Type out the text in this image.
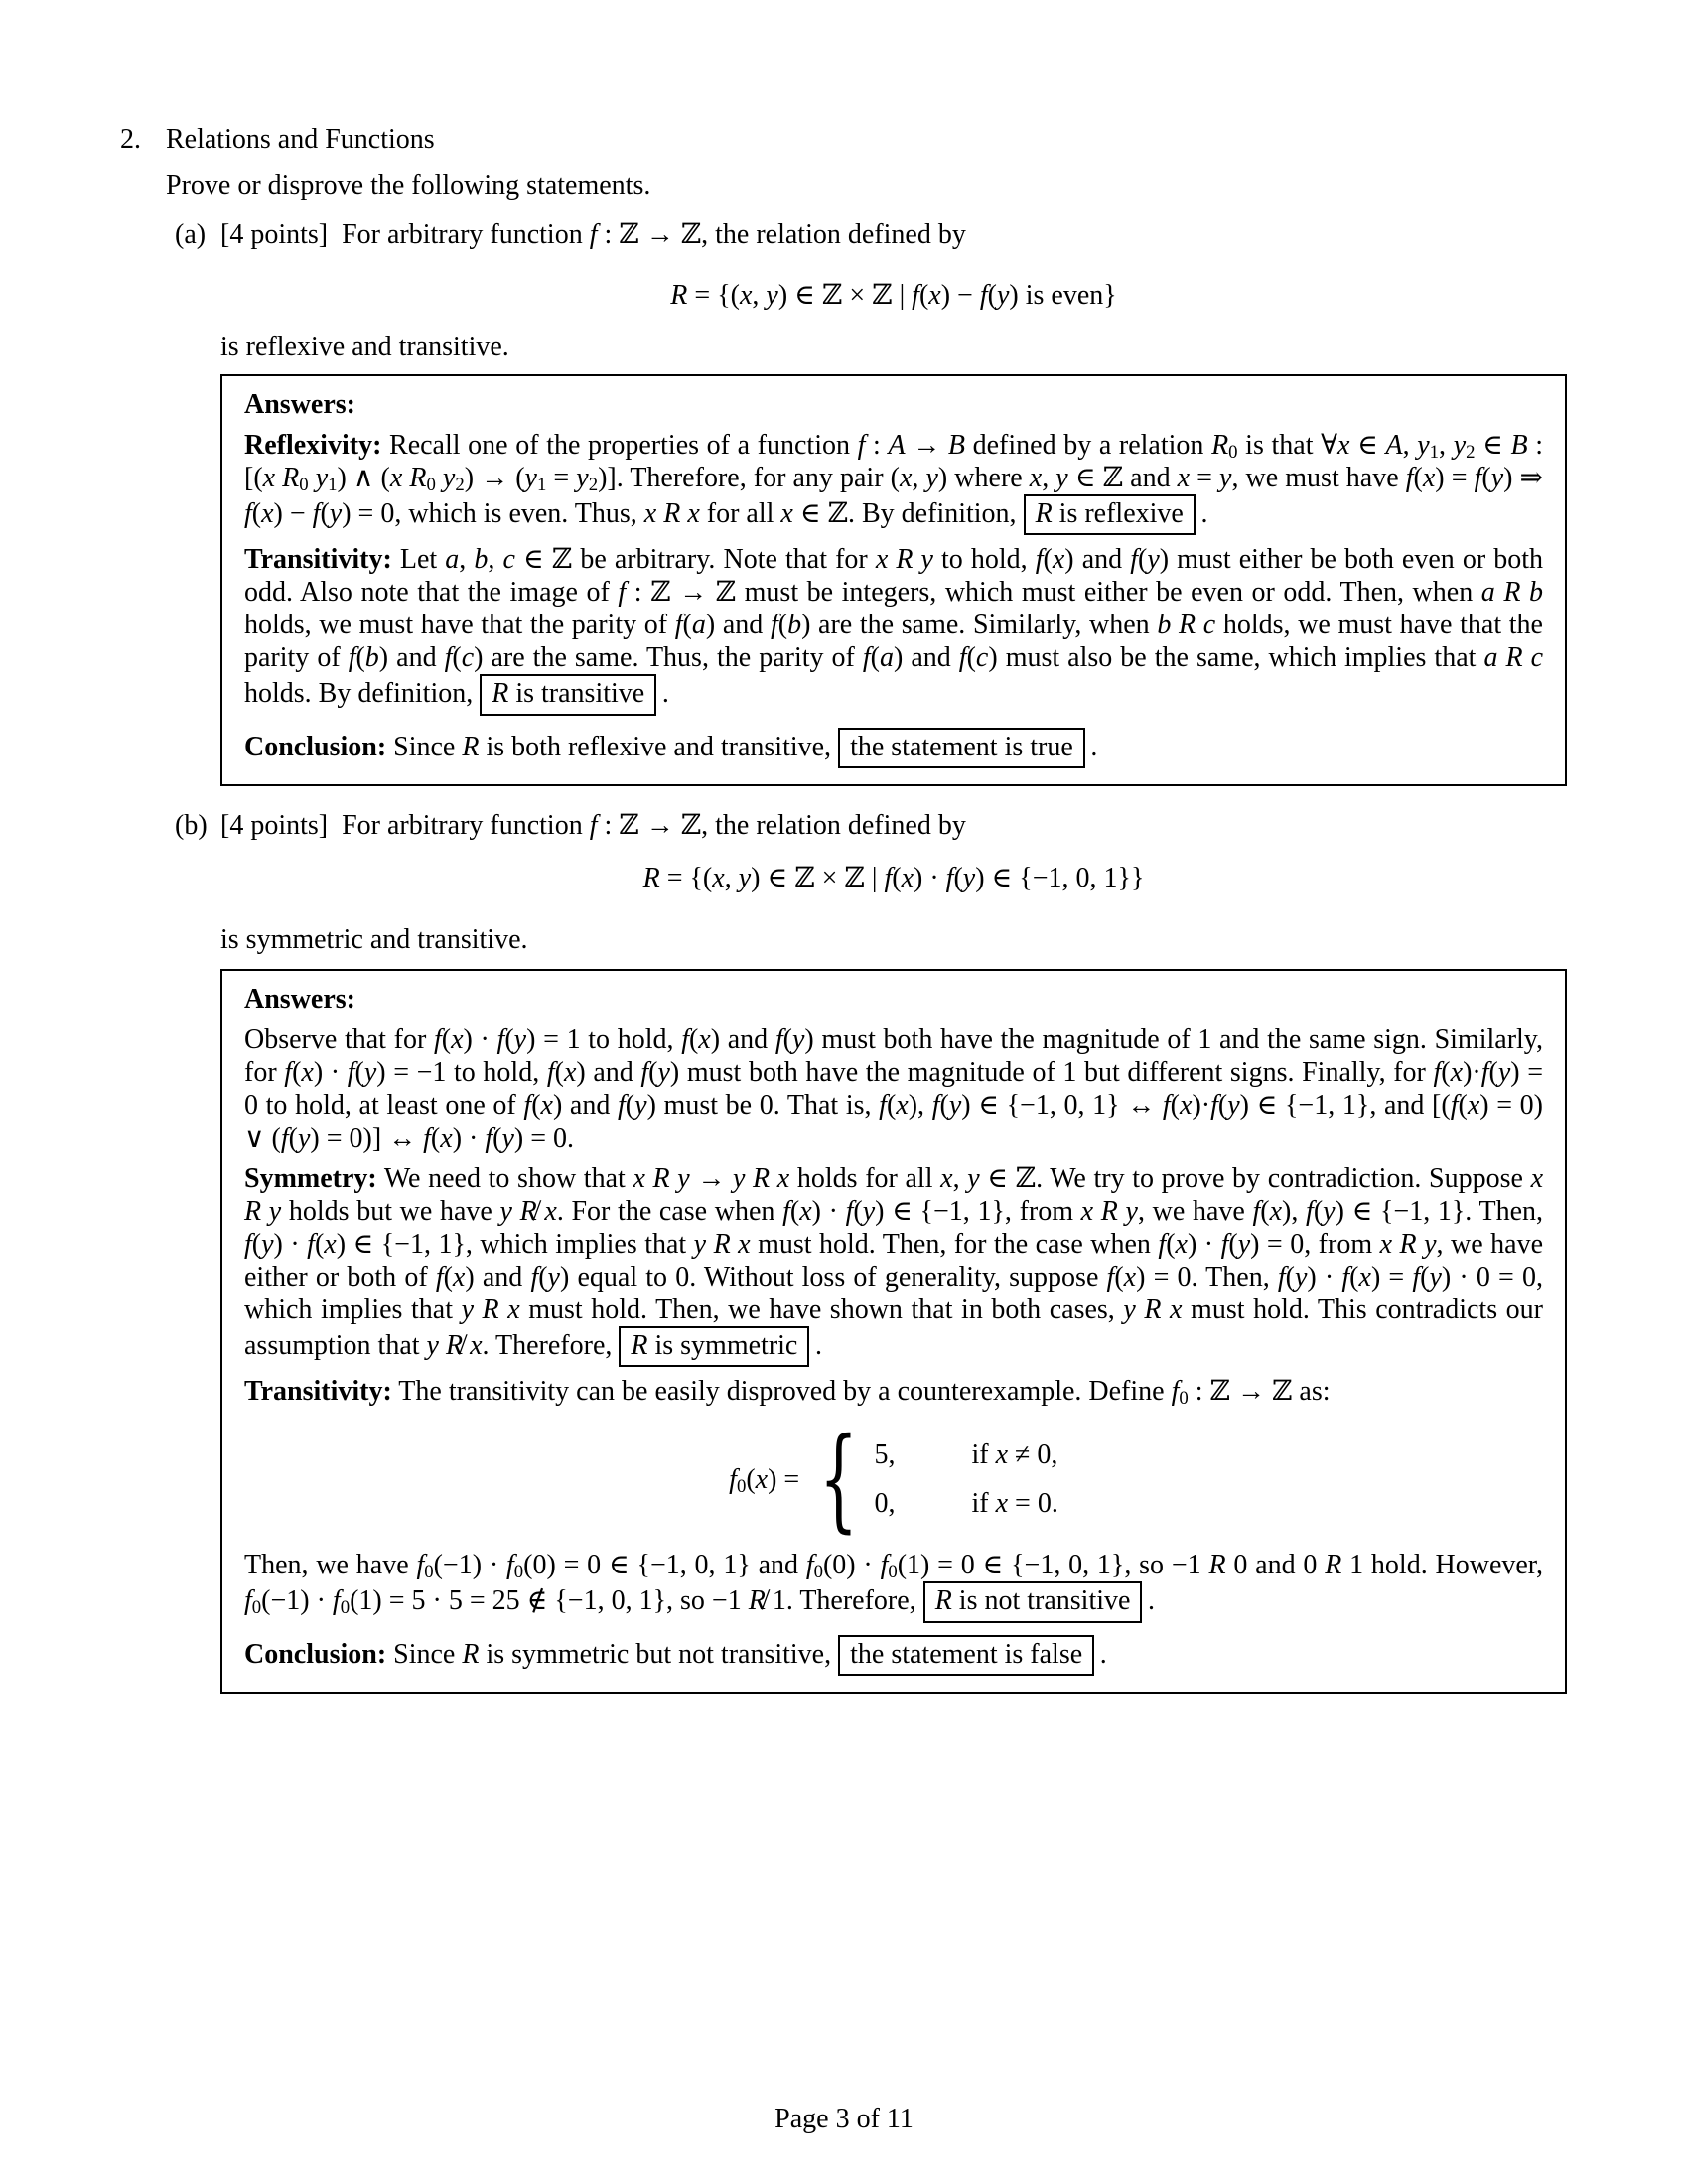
2. Relations and Functions
Prove or disprove the following statements.
(a) [4 points]  For arbitrary function f : ℤ → ℤ, the relation defined by
R = {(x, y) ∈ ℤ × ℤ | f(x) − f(y) is even}
is reflexive and transitive.

Answers:

Reflexivity: Recall one of the properties of a function f : A → B defined by a relation $R_0$ is that ∀x ∈ A, $y_1$, $y_2$ ∈ B : [(x $R_0$ $y_1$) ∧ (x $R_0$ $y_2) \to (y_1 = y_2)$]. Therefore, for any pair (x, y) where x, y ∈ ℤ and x = y, we must have f(x) = f(y) ⇒ f(x) − f(y) = 0, which is even. Thus, x R x for all x ∈ ℤ. By definition, R is reflexive .

Transitivity: Let a, b, c ∈ ℤ be arbitrary. Note that for x R y to hold, f(x) and f(y) must either be both even or both odd. Also note that the image of f : ℤ → ℤ must be integers, which must either be even or odd. Then, when a R b holds, we must have that the parity of f(a) and f(b) are the same. Similarly, when b R c holds, we must have that the parity of f(b) and f(c) are the same. Thus, the parity of f(a) and f(c) must also be the same, which implies that a R c holds. By definition, R is transitive .

Conclusion: Since R is both reflexive and transitive, the statement is true .

(b) [4 points]  For arbitrary function f : ℤ → ℤ, the relation defined by
R = {(x, y) ∈ ℤ × ℤ | f(x) · f(y) ∈ {−1, 0, 1}}
is symmetric and transitive.

Answers:

Observe that for f(x) · f(y) = 1 to hold, f(x) and f(y) must both have the magnitude of 1 and the same sign. Similarly, for f(x) · f(y) = −1 to hold, f(x) and f(y) must both have the magnitude of 1 but different signs. Finally, for f(x)·f(y) = 0 to hold, at least one of f(x) and f(y) must be 0. That is, f(x), f(y) ∈ {−1, 0, 1} ↔ f(x)·f(y) ∈ {−1, 1}, and [(f(x) = 0) ∨ (f(y) = 0)] ↔ f(x) · f(y) = 0.

Symmetry: We need to show that x R y → y R x holds for all x, y ∈ ℤ. We try to prove by contradiction. Suppose x R y holds but we have y R̸ x. For the case when f(x) · f(y) ∈ {−1, 1}, from x R y, we have f(x), f(y) ∈ {−1, 1}. Then, f(y) · f(x) ∈ {−1, 1}, which implies that y R x must hold. Then, for the case when f(x) · f(y) = 0, from x R y, we have either or both of f(x) and f(y) equal to 0. Without loss of generality, suppose f(x) = 0. Then, f(y) · f(x) = f(y) · 0 = 0, which implies that y R x must hold. Then, we have shown that in both cases, y R x must hold. This contradicts our assumption that y R̸ x. Therefore, R is symmetric .

Transitivity: The transitivity can be easily disproved by a counterexample. Define $f_0$ : ℤ → ℤ as:

$f_0(x)$ = { 5,	if x ≠ 0,
0,	if x = 0.

Then, we have $f_0(-1) \cdot f_0(0) = 0$ ∈ {−1, 0, 1} and $f_0(0) \cdot f_0(1) = 0$ ∈ {−1, 0, 1}, so −1 R 0 and 0 R 1 hold. However, $f_0(-1) \cdot f_0(1) = 5 \cdot 5 = 25$ ∉ {−1, 0, 1}, so −1 R̸ 1. Therefore, R is not transitive .

Conclusion: Since R is symmetric but not transitive, the statement is false .

Page 3 of 11
